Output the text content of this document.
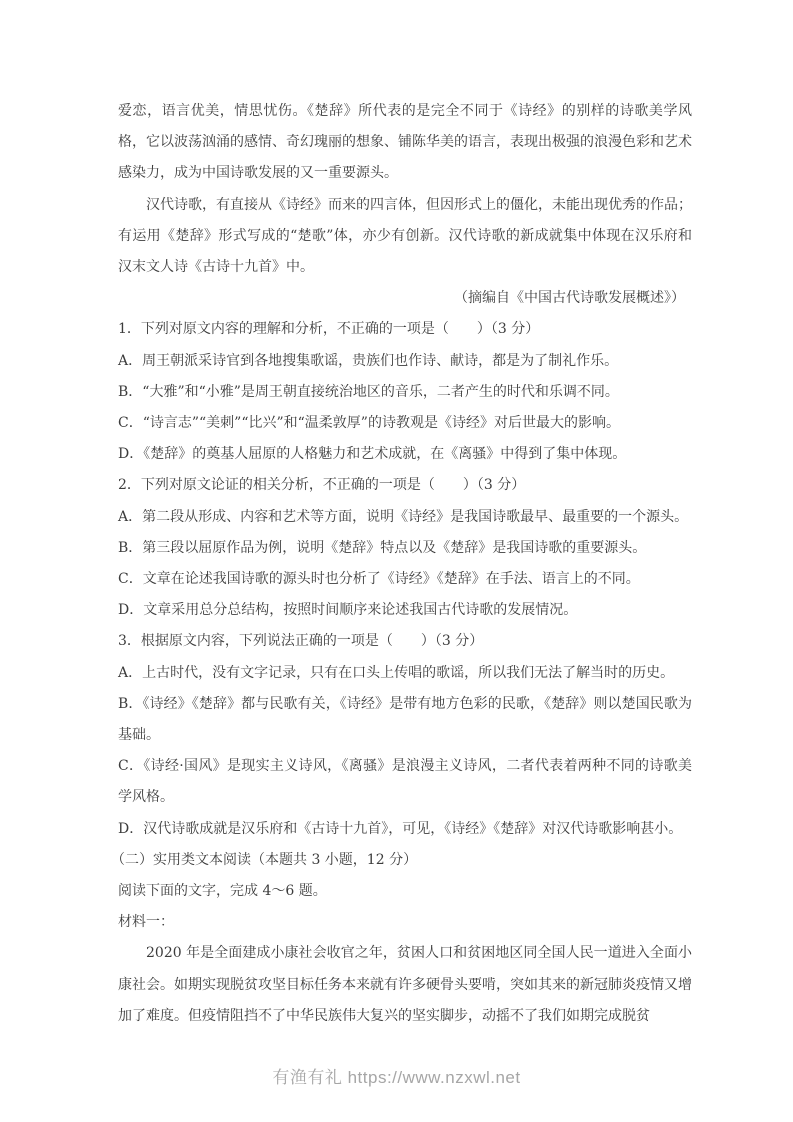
爱恋，语言优美，情思忧伤。《楚辞》所代表的是完全不同于《诗经》的别样的诗歌美学风格，它以波荡汹涌的感情、奇幻瑰丽的想象、铺陈华美的语言，表现出极强的浪漫色彩和艺术感染力，成为中国诗歌发展的又一重要源头。

汉代诗歌，有直接从《诗经》而来的四言体，但因形式上的僵化，未能出现优秀的作品；有运用《楚辞》形式写成的“楚歌”体，亦少有创新。汉代诗歌的新成就集中体现在汉乐府和汉末文人诗《古诗十九首》中。

（摘编自《中国古代诗歌发展概述》）

1．下列对原文内容的理解和分析，不正确的一项是（　　）（3 分）

A．周王朝派采诗官到各地搜集歌谣，贵族们也作诗、献诗，都是为了制礼作乐。

B．“大雅”和“小雅”是周王朝直接统治地区的音乐，二者产生的时代和乐调不同。

C．“诗言志”“美刺”“比兴”和“温柔敦厚”的诗教观是《诗经》对后世最大的影响。

D．《楚辞》的奠基人屈原的人格魅力和艺术成就，在《离骚》中得到了集中体现。

2．下列对原文论证的相关分析，不正确的一项是（　　）（3 分）

A．第二段从形成、内容和艺术等方面，说明《诗经》是我国诗歌最早、最重要的一个源头。

B．第三段以屈原作品为例，说明《楚辞》特点以及《楚辞》是我国诗歌的重要源头。

C．文章在论述我国诗歌的源头时也分析了《诗经》《楚辞》在手法、语言上的不同。

D．文章采用总分总结构，按照时间顺序来论述我国古代诗歌的发展情况。

3．根据原文内容，下列说法正确的一项是（　　）（3 分）

A．上古时代，没有文字记录，只有在口头上传唱的歌谣，所以我们无法了解当时的历史。

B．《诗经》《楚辞》都与民歌有关，《诗经》是带有地方色彩的民歌，《楚辞》则以楚国民歌为基础。

C．《诗经·国风》是现实主义诗风，《离骚》是浪漫主义诗风，二者代表着两种不同的诗歌美学风格。

D．汉代诗歌成就是汉乐府和《古诗十九首》，可见，《诗经》《楚辞》对汉代诗歌影响甚小。

（二）实用类文本阅读（本题共 3 小题，12 分）

阅读下面的文字，完成 4～6 题。

材料一：

2020 年是全面建成小康社会收官之年，贫困人口和贫困地区同全国人民一道进入全面小康社会。如期实现脱贫攻坚目标任务本来就有许多硬骨头要啃，突如其来的新冠肺炎疫情又增加了难度。但疫情阻挡不了中华民族伟大复兴的坚实脚步，动摇不了我们如期完成脱贫

有渔有礼 https://www.nzxwl.net
